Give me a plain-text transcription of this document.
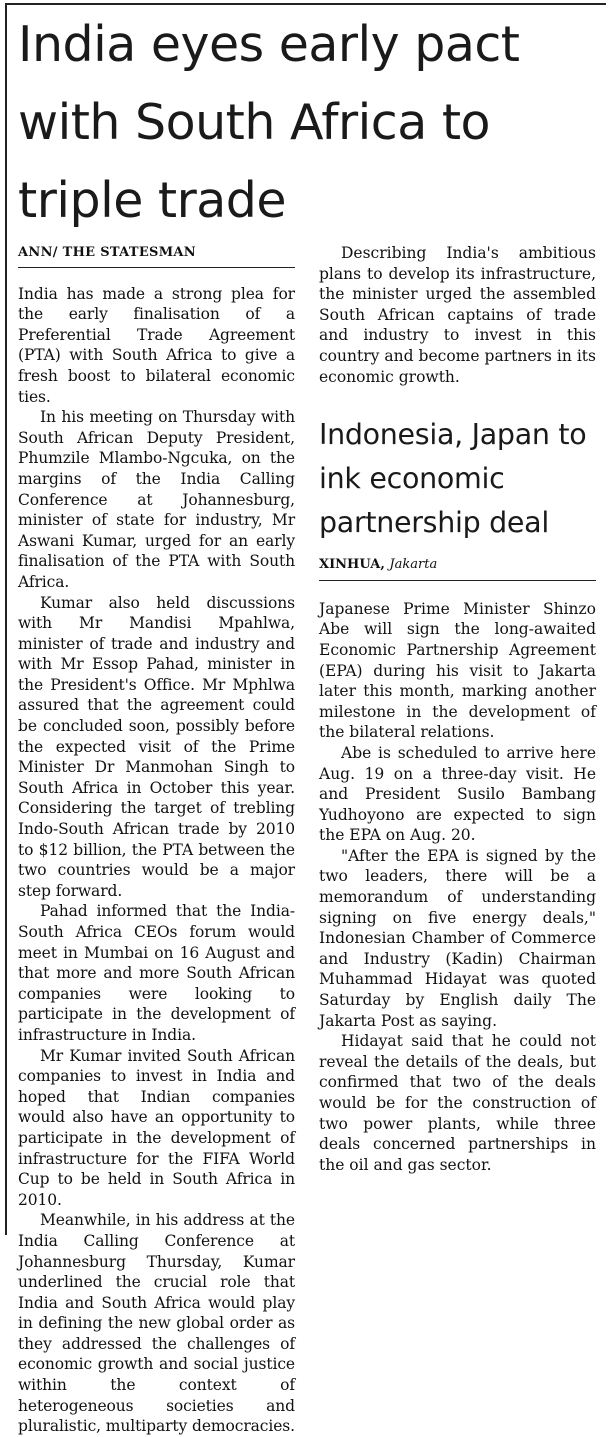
India eyes early pact with South Africa to triple trade
ANN/ THE STATESMAN

India has made a strong plea for the early finalisation of a Preferential Trade Agreement (PTA) with South Africa to give a fresh boost to bilateral economic ties.

In his meeting on Thursday with South African Deputy President, Phumzile Mlambo-Ngcuka, on the margins of the India Calling Conference at Johannesburg, minister of state for industry, Mr Aswani Kumar, urged for an early finalisation of the PTA with South Africa.

Kumar also held discussions with Mr Mandisi Mpahlwa, minister of trade and industry and with Mr Essop Pahad, minister in the President's Office. Mr Mphlwa assured that the agreement could be concluded soon, possibly before the expected visit of the Prime Minister Dr Manmohan Singh to South Africa in October this year. Considering the target of trebling Indo-South African trade by 2010 to $12 billion, the PTA between the two countries would be a major step forward.

Pahad informed that the India-South Africa CEOs forum would meet in Mumbai on 16 August and that more and more South African companies were looking to participate in the development of infrastructure in India.

Mr Kumar invited South African companies to invest in India and hoped that Indian companies would also have an opportunity to participate in the development of infrastructure for the FIFA World Cup to be held in South Africa in 2010.

Meanwhile, in his address at the India Calling Conference at Johannesburg Thursday, Kumar underlined the crucial role that India and South Africa would play in defining the new global order as they addressed the challenges of economic growth and social justice within the context of heterogeneous societies and pluralistic, multiparty democracies.

Describing India's ambitious plans to develop its infrastructure, the minister urged the assembled South African captains of trade and industry to invest in this country and become partners in its economic growth.

Indonesia, Japan to ink economic partnership deal
XINHUA, Jakarta

Japanese Prime Minister Shinzo Abe will sign the long-awaited Economic Partnership Agreement (EPA) during his visit to Jakarta later this month, marking another milestone in the development of the bilateral relations.

Abe is scheduled to arrive here Aug. 19 on a three-day visit. He and President Susilo Bambang Yudhoyono are expected to sign the EPA on Aug. 20.

"After the EPA is signed by the two leaders, there will be a memorandum of understanding signing on five energy deals," Indonesian Chamber of Commerce and Industry (Kadin) Chairman Muhammad Hidayat was quoted Saturday by English daily The Jakarta Post as saying.

Hidayat said that he could not reveal the details of the deals, but confirmed that two of the deals would be for the construction of two power plants, while three deals concerned partnerships in the oil and gas sector.
